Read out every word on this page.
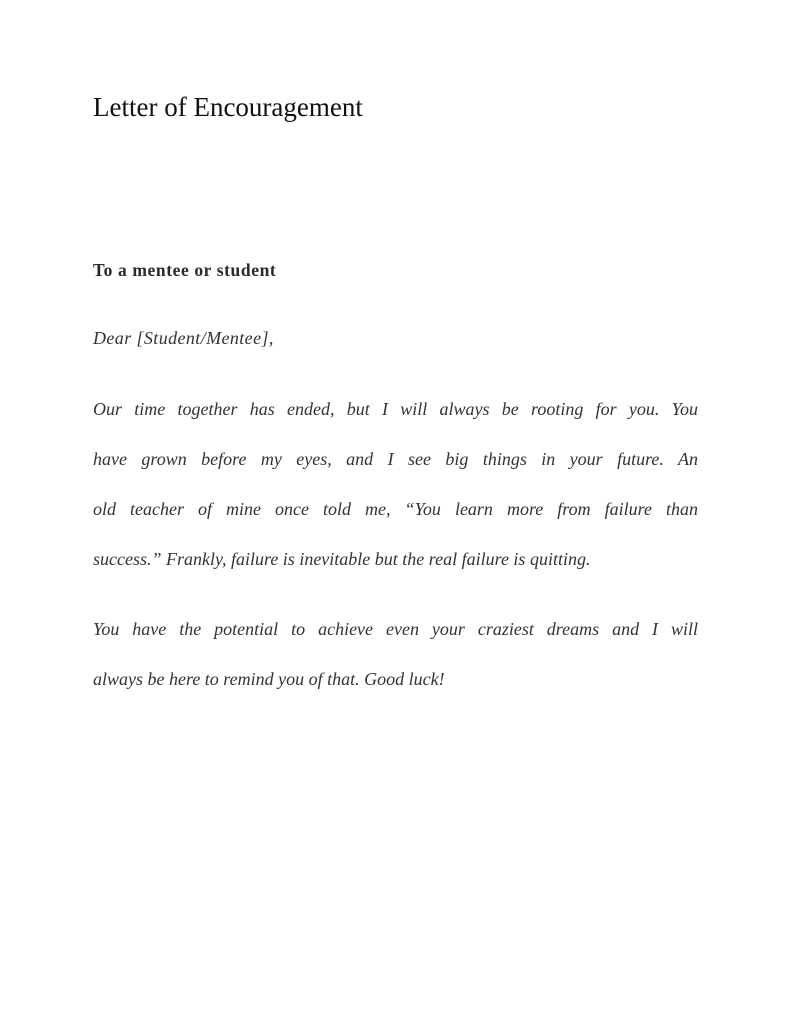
Letter of Encouragement
To a mentee or student
Dear [Student/Mentee],
Our time together has ended, but I will always be rooting for you. You
have grown before my eyes, and I see big things in your future. An
old teacher of mine once told me, “You learn more from failure than
success.” Frankly, failure is inevitable but the real failure is quitting.
You have the potential to achieve even your craziest dreams and I will
always be here to remind you of that. Good luck!
